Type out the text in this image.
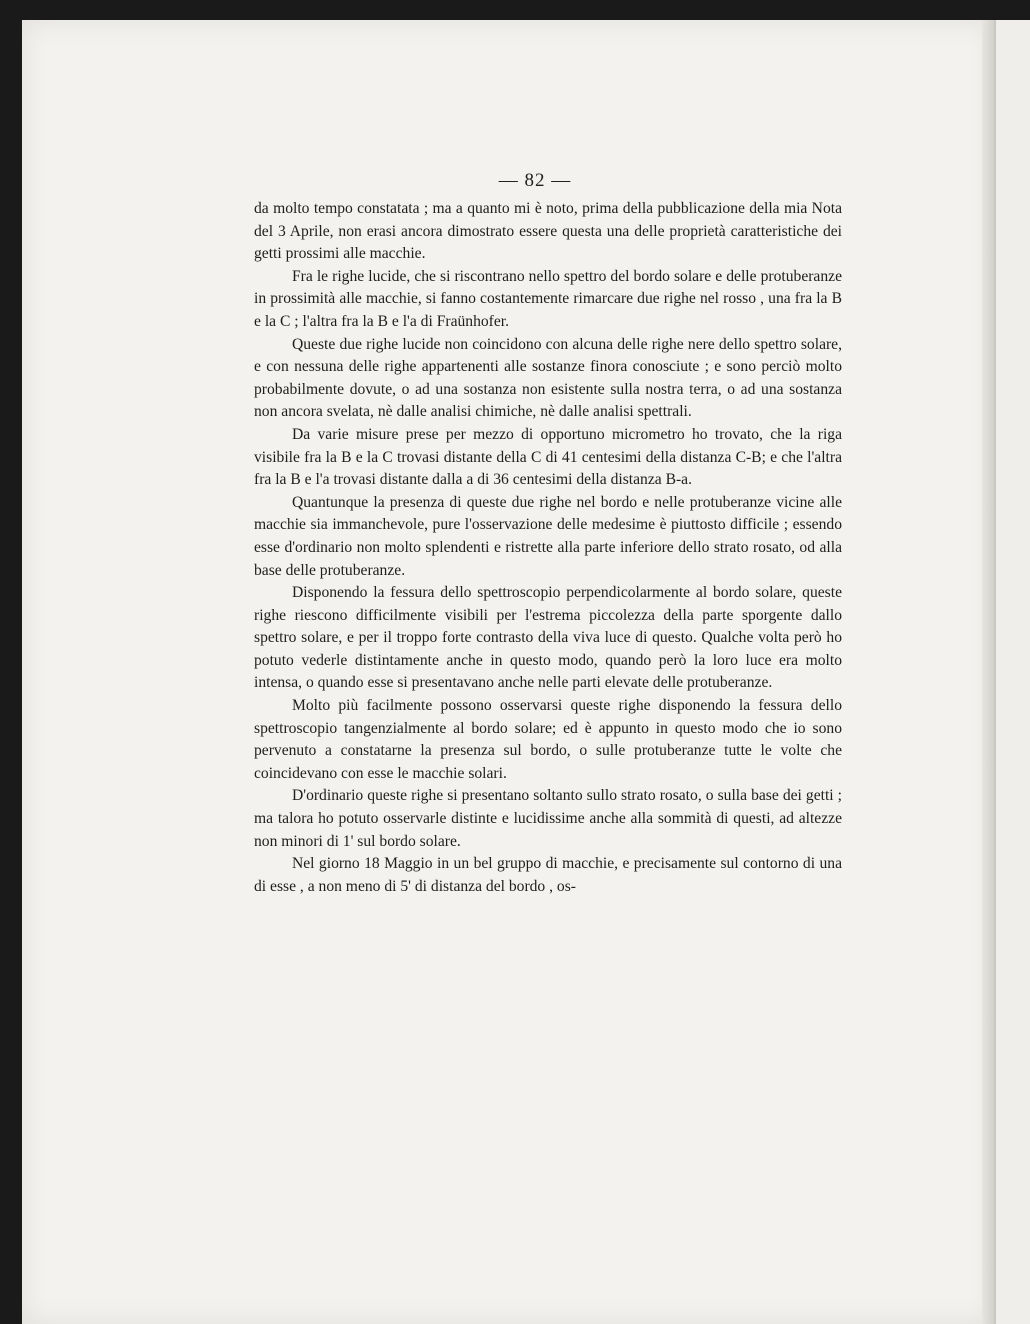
— 82 —

da molto tempo constatata ; ma a quanto mi è noto, prima della pubblicazione della mia Nota del 3 Aprile, non erasi ancora dimostrato essere questa una delle proprietà caratteristiche dei getti prossimi alle macchie.

Fra le righe lucide, che si riscontrano nello spettro del bordo solare e delle protuberanze in prossimità alle macchie, si fanno costantemente rimarcare due righe nel rosso , una fra la B e la C ; l'altra fra la B e l'a di Fraünhofer.

Queste due righe lucide non coincidono con alcuna delle righe nere dello spettro solare, e con nessuna delle righe appartenenti alle sostanze finora conosciute ; e sono perciò molto probabilmente dovute, o ad una sostanza non esistente sulla nostra terra, o ad una sostanza non ancora svelata, nè dalle analisi chimiche, nè dalle analisi spettrali.

Da varie misure prese per mezzo di opportuno micrometro ho trovato, che la riga visibile fra la B e la C trovasi distante della C di 41 centesimi della distanza C-B; e che l'altra fra la B e l'a trovasi distante dalla a di 36 centesimi della distanza B-a.

Quantunque la presenza di queste due righe nel bordo e nelle protuberanze vicine alle macchie sia immanchevole, pure l'osservazione delle medesime è piuttosto difficile ; essendo esse d'ordinario non molto splendenti e ristrette alla parte inferiore dello strato rosato, od alla base delle protuberanze.

Disponendo la fessura dello spettroscopio perpendicolarmente al bordo solare, queste righe riescono difficilmente visibili per l'estrema piccolezza della parte sporgente dallo spettro solare, e per il troppo forte contrasto della viva luce di questo. Qualche volta però ho potuto vederle distintamente anche in questo modo, quando però la loro luce era molto intensa, o quando esse si presentavano anche nelle parti elevate delle protuberanze.

Molto più facilmente possono osservarsi queste righe disponendo la fessura dello spettroscopio tangenzialmente al bordo solare; ed è appunto in questo modo che io sono pervenuto a constatarne la presenza sul bordo, o sulle protuberanze tutte le volte che coincidevano con esse le macchie solari.

D'ordinario queste righe si presentano soltanto sullo strato rosato, o sulla base dei getti ; ma talora ho potuto osservarle distinte e lucidissime anche alla sommità di questi, ad altezze non minori di 1' sul bordo solare.

Nel giorno 18 Maggio in un bel gruppo di macchie, e precisamente sul contorno di una di esse , a non meno di 5' di distanza del bordo , os-
